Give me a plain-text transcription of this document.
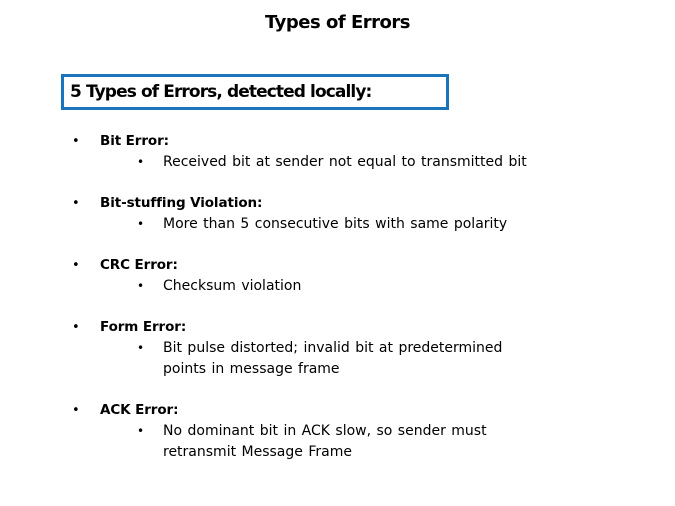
Types of Errors
5 Types of Errors, detected locally:
•	Bit Error:
•	Received bit at sender not equal to transmitted bit
•	Bit-stuffing Violation:
•	More than 5 consecutive bits with same polarity
•	CRC Error:
•	Checksum violation
•	Form Error:
•	Bit pulse distorted; invalid bit at predetermined
points in message frame
•	ACK Error:
•	No dominant bit in ACK slow, so sender must
retransmit Message Frame
